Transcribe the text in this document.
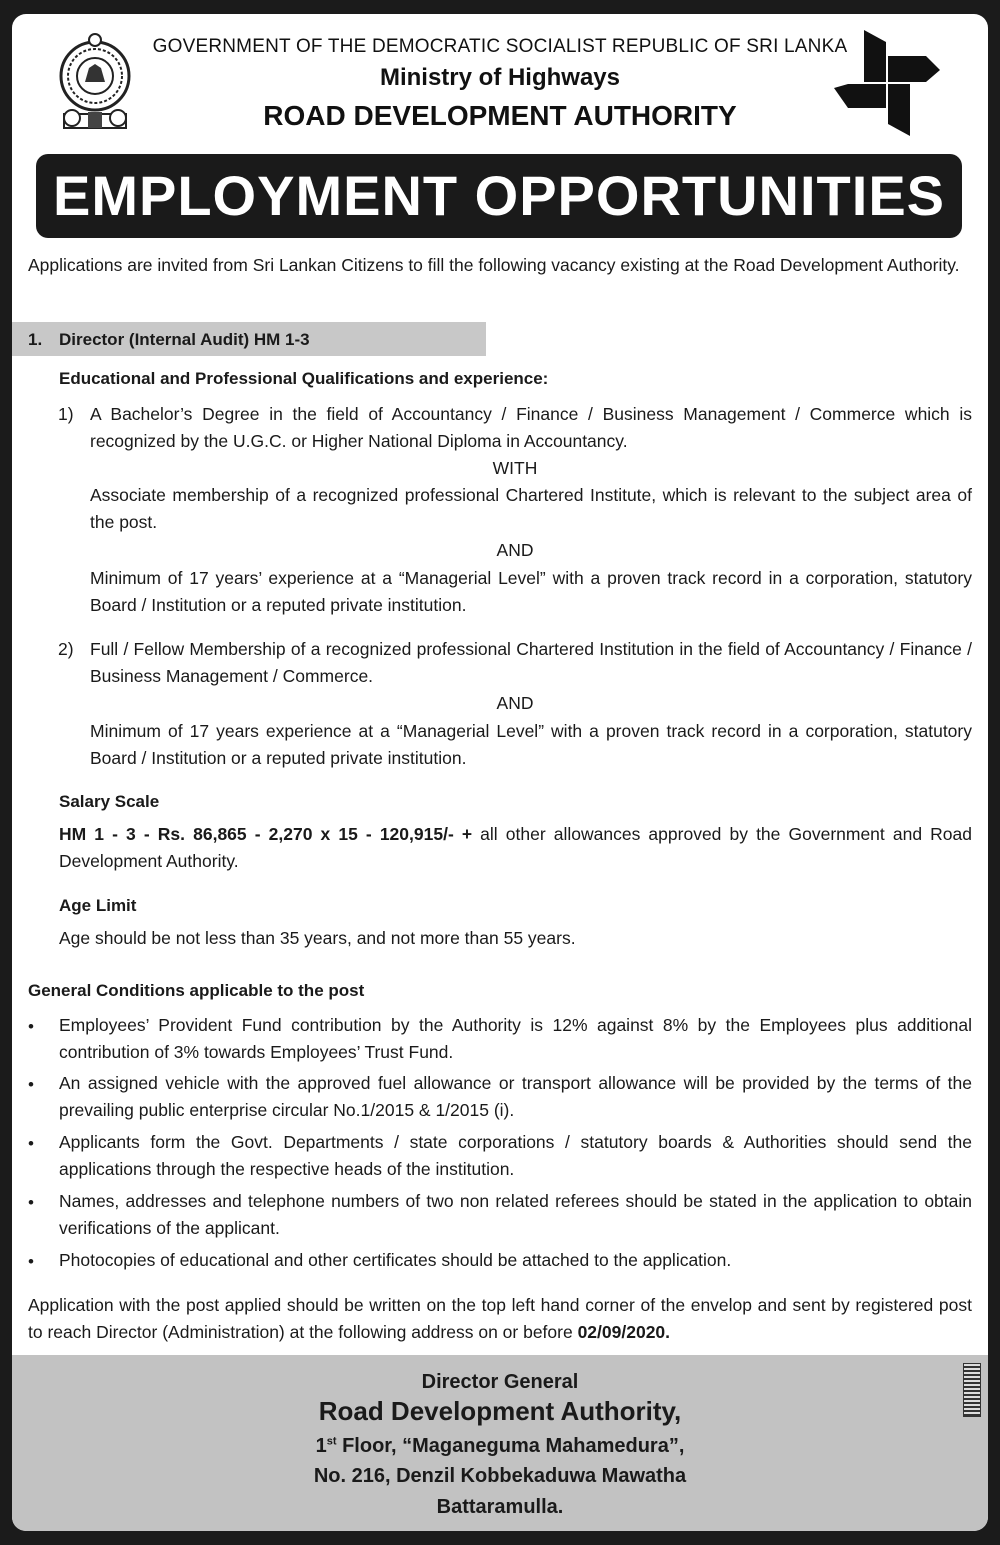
GOVERNMENT OF THE DEMOCRATIC SOCIALIST REPUBLIC OF SRI LANKA
Ministry of Highways
ROAD DEVELOPMENT AUTHORITY
EMPLOYMENT OPPORTUNITIES
Applications are invited from Sri Lankan Citizens to fill the following vacancy existing at the Road Development Authority.
1. Director (Internal Audit) HM 1-3
Educational and Professional Qualifications and experience:
1) A Bachelor’s Degree in the field of Accountancy / Finance / Business Management / Commerce which is recognized by the U.G.C. or Higher National Diploma in Accountancy.
WITH
Associate membership of a recognized professional Chartered Institute, which is relevant to the subject area of the post.
AND
Minimum of 17 years’ experience at a “Managerial Level” with a proven track record in a corporation, statutory Board / Institution or a reputed private institution.
2) Full / Fellow Membership of a recognized professional Chartered Institution in the field of Accountancy / Finance / Business Management / Commerce.
AND
Minimum of 17 years experience at a “Managerial Level” with a proven track record in a corporation, statutory Board / Institution or a reputed private institution.
Salary Scale
HM 1 - 3 - Rs. 86,865 - 2,270 x 15 - 120,915/- + all other allowances approved by the Government and Road Development Authority.
Age Limit
Age should be not less than 35 years, and not more than 55 years.
General Conditions applicable to the post
• Employees’ Provident Fund contribution by the Authority is 12% against 8% by the Employees plus additional contribution of 3% towards Employees’ Trust Fund.
• An assigned vehicle with the approved fuel allowance or transport allowance will be provided by the terms of the prevailing public enterprise circular No.1/2015 & 1/2015 (i).
• Applicants form the Govt. Departments / state corporations / statutory boards & Authorities should send the applications through the respective heads of the institution.
• Names, addresses and telephone numbers of two non related referees should be stated in the application to obtain verifications of the applicant.
• Photocopies of educational and other certificates should be attached to the application.
Application with the post applied should be written on the top left hand corner of the envelop and sent by registered post to reach Director (Administration) at the following address on or before 02/09/2020.
Director General
Road Development Authority,
1st Floor, “Maganeguma Mahamedura”,
No. 216, Denzil Kobbekaduwa Mawatha
Battaramulla.
